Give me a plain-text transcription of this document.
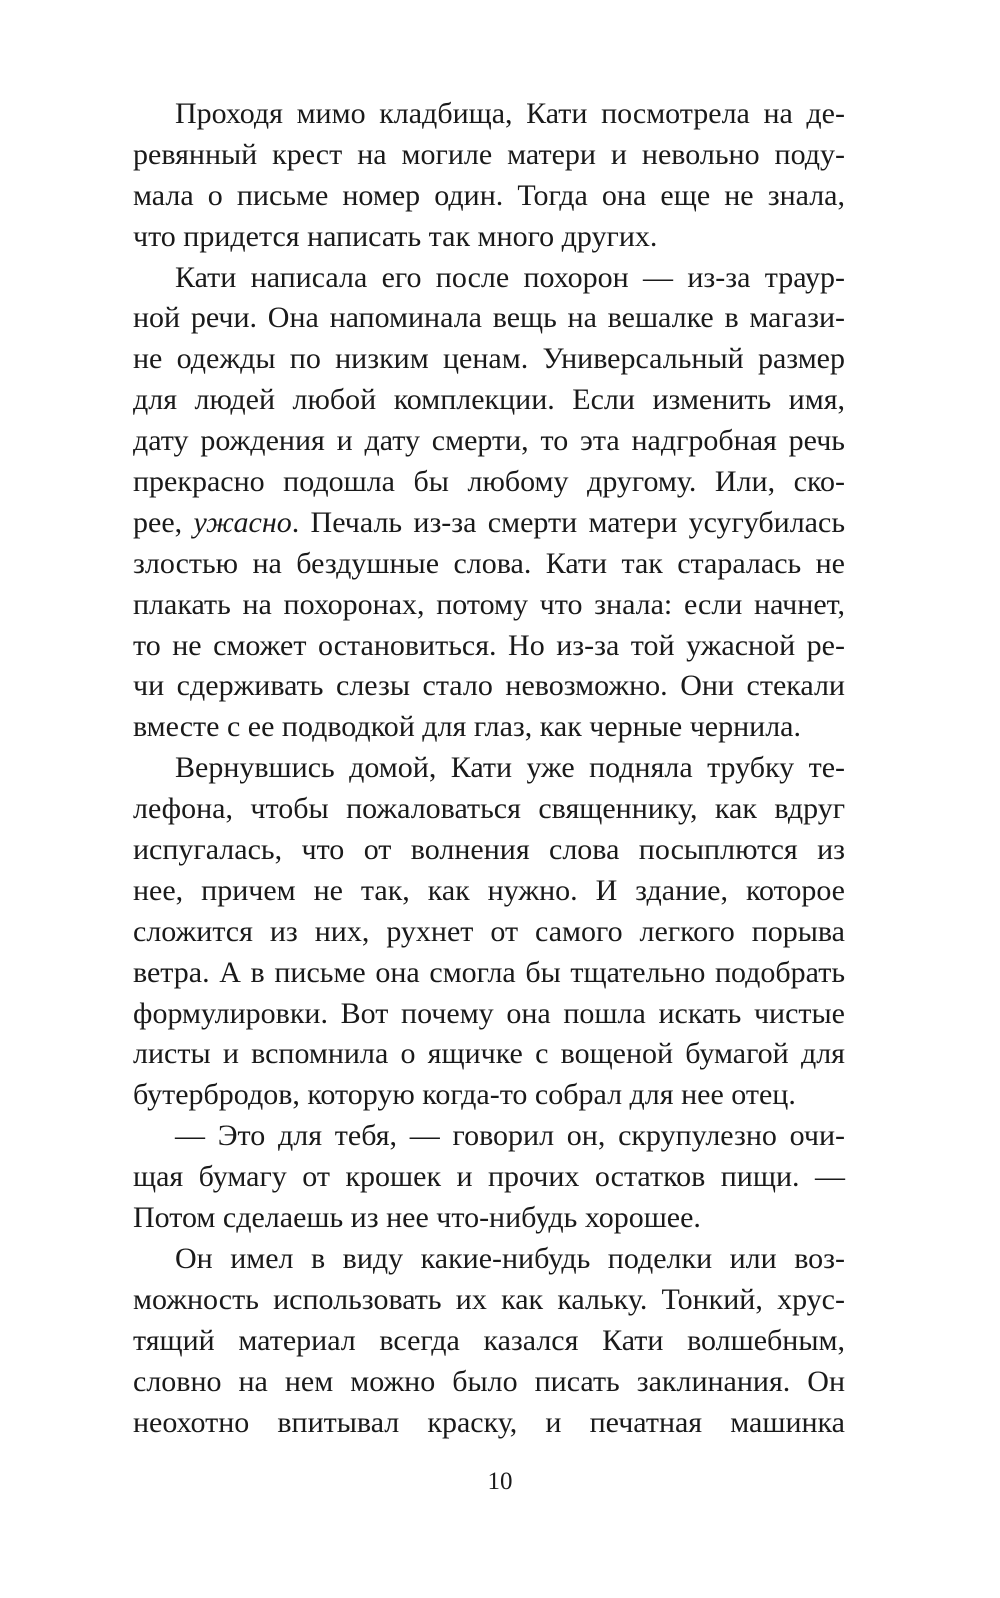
Проходя мимо кладбища, Кати посмотрела на де-
ревянный крест на могиле матери и невольно поду-
мала о письме номер один. Тогда она еще не знала,
что придется написать так много других.
Кати написала его после похорон — из-за траур-
ной речи. Она напоминала вещь на вешалке в магази-
не одежды по низким ценам. Универсальный размер
для людей любой комплекции. Если изменить имя,
дату рождения и дату смерти, то эта надгробная речь
прекрасно подошла бы любому другому. Или, ско-
рее, ужасно. Печаль из-за смерти матери усугубилась
злостью на бездушные слова. Кати так старалась не
плакать на похоронах, потому что знала: если начнет,
то не сможет остановиться. Но из-за той ужасной ре-
чи сдерживать слезы стало невозможно. Они стекали
вместе с ее подводкой для глаз, как черные чернила.
Вернувшись домой, Кати уже подняла трубку те-
лефона, чтобы пожаловаться священнику, как вдруг
испугалась, что от волнения слова посыплются из
нее, причем не так, как нужно. И здание, которое
сложится из них, рухнет от самого легкого порыва
ветра. А в письме она смогла бы тщательно подобрать
формулировки. Вот почему она пошла искать чистые
листы и вспомнила о ящичке с вощеной бумагой для
бутербродов, которую когда-то собрал для нее отец.
— Это для тебя, — говорил он, скрупулезно очи-
щая бумагу от крошек и прочих остатков пищи. —
Потом сделаешь из нее что-нибудь хорошее.
Он имел в виду какие-нибудь поделки или воз-
можность использовать их как кальку. Тонкий, хрус-
тящий материал всегда казался Кати волшебным,
словно на нем можно было писать заклинания. Он
неохотно впитывал краску, и печатная машинка
10
